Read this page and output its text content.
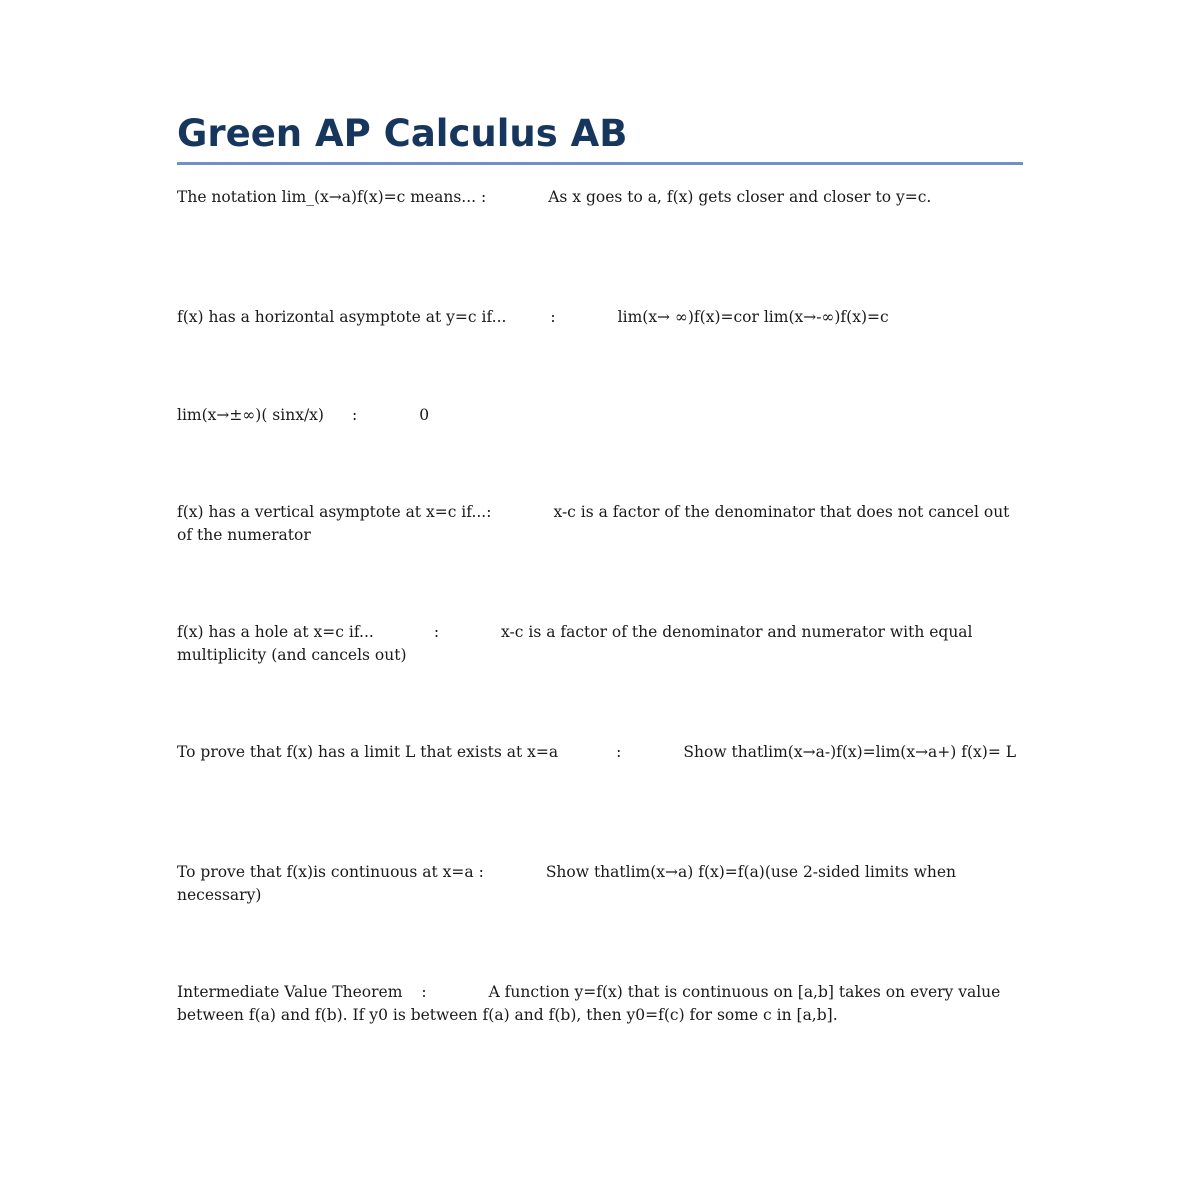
Green AP Calculus AB

The notation lim_(x→a)f(x)=c means... :	As x goes to a, f(x) gets closer and closer to y=c.

f(x) has a horizontal asymptote at y=c if...	:	lim(x→ ∞)f(x)=cor lim(x→-∞)f(x)=c

lim(x→±∞)( sinx/x) :	0

f(x) has a vertical asymptote at x=c if...:	x-c is a factor of the denominator that does not cancel out of the numerator

f(x) has a hole at x=c if...	:	x-c is a factor of the denominator and numerator with equal multiplicity (and cancels out)

To prove that f(x) has a limit L that exists at x=a	:	Show thatlim(x→a-)f(x)=lim(x→a+) f(x)= L

To prove that f(x)is continuous at x=a :	Show thatlim(x→a) f(x)=f(a)(use 2-sided limits when necessary)

Intermediate Value Theorem :	A function y=f(x) that is continuous on [a,b] takes on every value between f(a) and f(b). If y0 is between f(a) and f(b), then y0=f(c) for some c in [a,b].
